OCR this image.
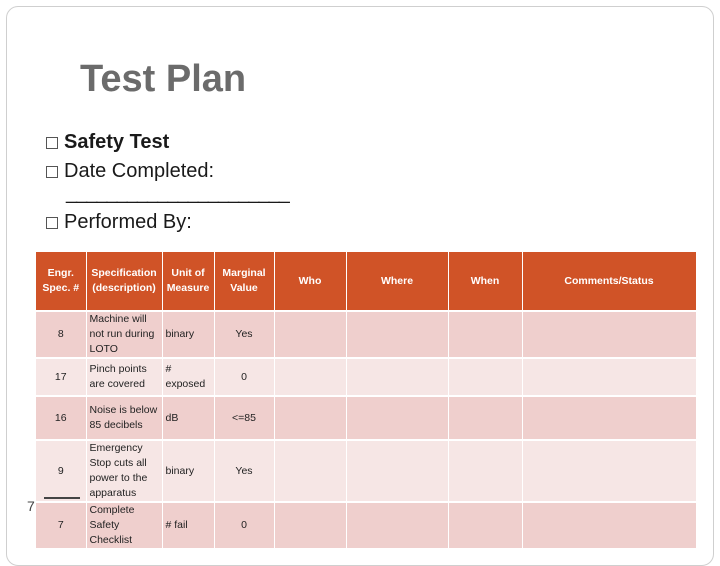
Test Plan
Safety Test
Date Completed:
______________________
Performed By:
Engr. Spec. #	Specification (description)	Unit of Measure	Marginal Value	Who	Where	When	Comments/Status
8	Machine will not run during LOTO	binary	Yes				
17	Pinch points are covered	# exposed	0				
16	Noise is below 85 decibels	dB	<=85				
9	Emergency Stop cuts all power to the apparatus	binary	Yes				
7	Complete Safety Checklist	# fail	0				
7
